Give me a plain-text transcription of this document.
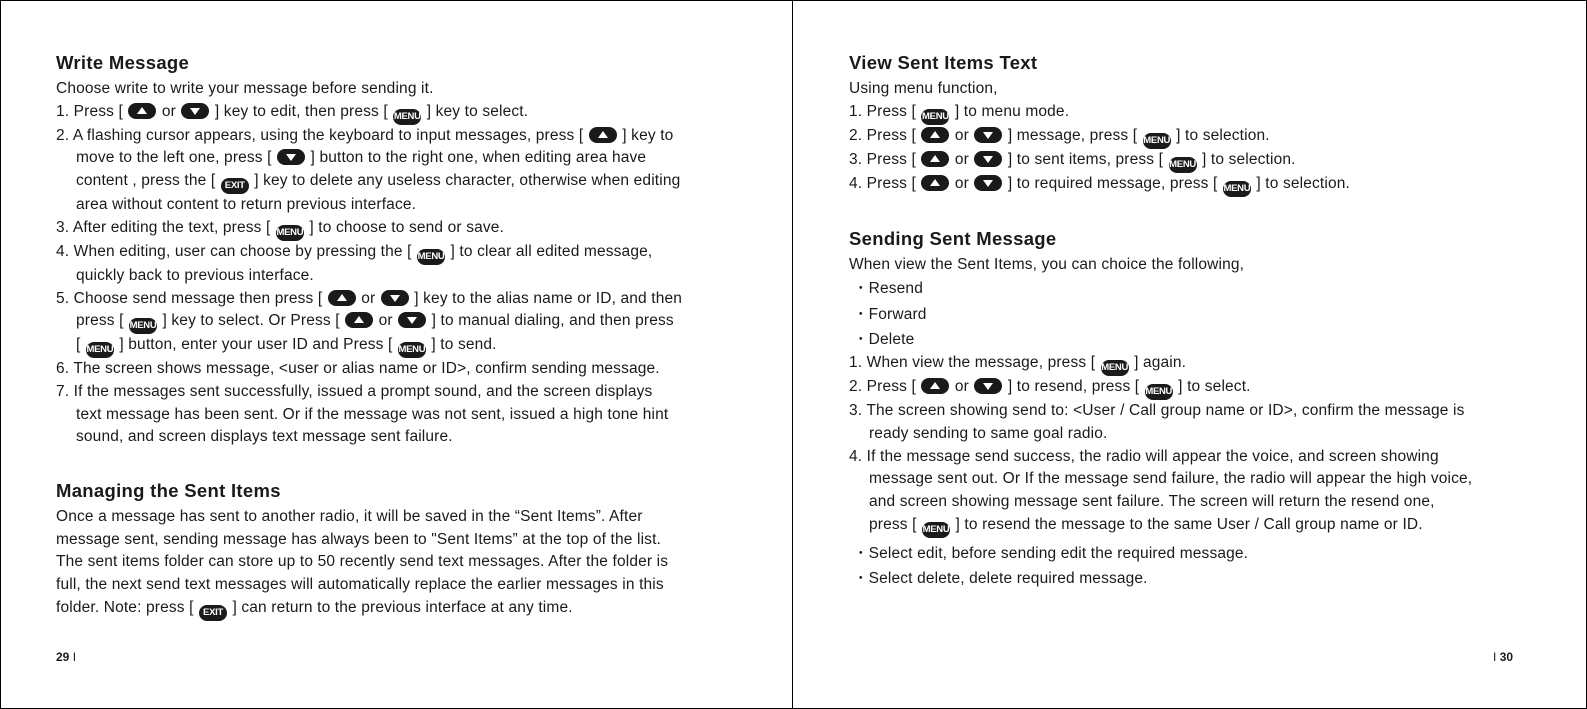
Write Message
Choose write to write your message before sending it.
1. Press [  or  ] key to edit, then press [ MENU ] key to select.
2. A flashing cursor appears, using the keyboard to input messages, press [  ] key to
move to the left one, press [  ] button to the right one, when editing area have
content , press the [ EXIT ] key to delete any useless character, otherwise when editing
area without content to return previous interface.
3. After editing the text, press [ MENU ] to choose to send or save.
4. When editing, user can choose by pressing the [ MENU ] to clear all edited message,
quickly back to previous interface.
5. Choose send message then press [  or  ] key to the alias name or ID, and then
press [ MENU ] key to select. Or Press [  or  ] to manual dialing, and then press
[ MENU ] button, enter your user ID and Press [ MENU ] to send.
6. The screen shows message, <user or alias name or ID>, confirm sending message.
7. If the messages sent successfully, issued a prompt sound, and the screen displays
text message has been sent. Or if the message was not sent, issued a high tone hint
sound, and screen displays text message sent failure.
Managing the Sent Items
Once a message has sent to another radio, it will be saved in the “Sent Items”. After
message sent, sending message has always been to "Sent Items” at the top of the list.
The sent items folder can store up to 50 recently send text messages. After the folder is
full, the next send text messages will automatically replace the earlier messages in this
folder. Note: press [ EXIT ] can return to the previous interface at any time.
29 I
View Sent Items Text
Using menu function,
1. Press [ MENU ] to menu mode.
2. Press [  or  ] message, press [ MENU ] to selection.
3. Press [  or  ] to sent items, press [ MENU ] to selection.
4. Press [  or  ] to required message, press [ MENU ] to selection.
Sending Sent Message
When view the Sent Items, you can choice the following,
・Resend
・Forward
・Delete
1. When view the message, press [ MENU ] again.
2. Press [  or  ] to resend, press [ MENU ] to select.
3. The screen showing send to: <User / Call group name or ID>, confirm the message is
ready sending to same goal radio.
4. If the message send success, the radio will appear the voice, and screen showing
message sent out. Or If the message send failure, the radio will appear the high voice,
and screen showing message sent failure. The screen will return the resend one,
press [ MENU ] to resend the message to the same User / Call group name or ID.
・Select edit, before sending edit the required message.
・Select delete, delete required message.
I 30
